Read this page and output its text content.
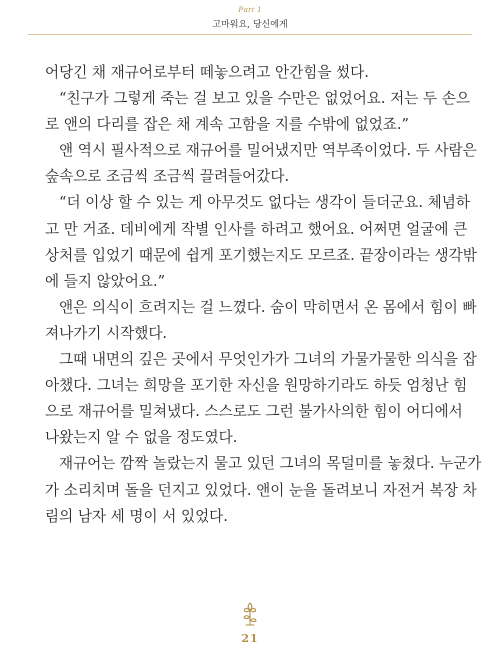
Part 1
고마워요, 당신에게
어당긴 채 재규어로부터 떼놓으려고 안간힘을 썼다.
“친구가 그렇게 죽는 걸 보고 있을 수만은 없었어요. 저는 두 손으
로 앤의 다리를 잡은 채 계속 고함을 지를 수밖에 없었죠.”
앤 역시 필사적으로 재규어를 밀어냈지만 역부족이었다. 두 사람은
숲속으로 조금씩 조금씩 끌려들어갔다.
“더 이상 할 수 있는 게 아무것도 없다는 생각이 들더군요. 체념하
고 만 거죠. 데비에게 작별 인사를 하려고 했어요. 어쩌면 얼굴에 큰
상처를 입었기 때문에 쉽게 포기했는지도 모르죠. 끝장이라는 생각밖
에 들지 않았어요.”
앤은 의식이 흐려지는 걸 느꼈다. 숨이 막히면서 온 몸에서 힘이 빠
져나가기 시작했다.
그때 내면의 깊은 곳에서 무엇인가가 그녀의 가물가물한 의식을 잡
아챘다. 그녀는 희망을 포기한 자신을 원망하기라도 하듯 엄청난 힘
으로 재규어를 밀쳐냈다. 스스로도 그런 불가사의한 힘이 어디에서
나왔는지 알 수 없을 정도였다.
재규어는 깜짝 놀랐는지 물고 있던 그녀의 목덜미를 놓쳤다. 누군가
가 소리치며 돌을 던지고 있었다. 앤이 눈을 돌려보니 자전거 복장 차
림의 남자 세 명이 서 있었다.
21
